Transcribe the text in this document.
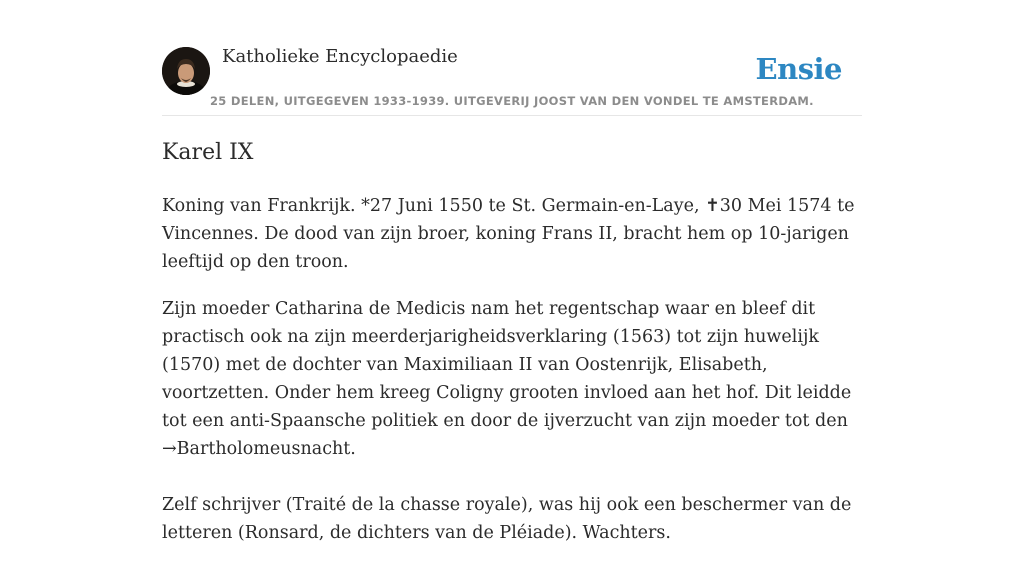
Katholieke Encyclopaedie	Ensie
25 DELEN, UITGEGEVEN 1933-1939. UITGEVERIJ JOOST VAN DEN VONDEL TE AMSTERDAM.
Karel IX

Koning van Frankrijk. *27 Juni 1550 te St. Germain-en-Laye, ✝30 Mei 1574 te Vincennes. De dood van zijn broer, koning Frans II, bracht hem op 10-jarigen leeftijd op den troon.

Zijn moeder Catharina de Medicis nam het regentschap waar en bleef dit practisch ook na zijn meerderjarigheidsverklaring (1563) tot zijn huwelijk (1570) met de dochter van Maximiliaan II van Oostenrijk, Elisabeth, voortzetten. Onder hem kreeg Coligny grooten invloed aan het hof. Dit leidde tot een anti-Spaansche politiek en door de ijverzucht van zijn moeder tot den →Bartholomeusnacht.

Zelf schrijver (Traité de la chasse royale), was hij ook een beschermer van de letteren (Ronsard, de dichters van de Pléiade). Wachters.
